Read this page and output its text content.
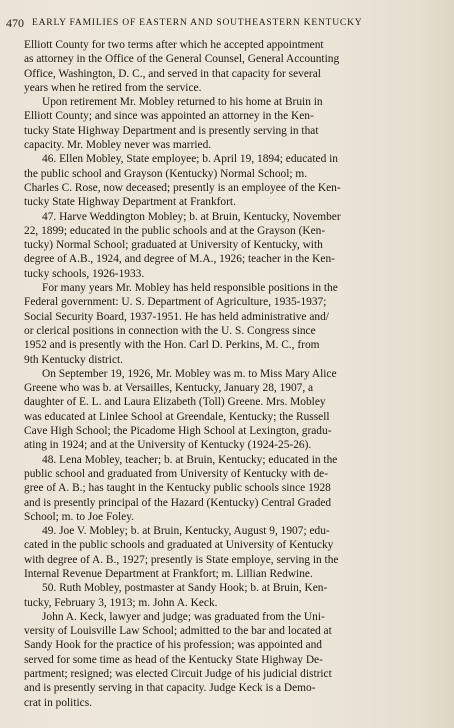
470 EARLY FAMILIES OF EASTERN AND SOUTHEASTERN KENTUCKY
Elliott County for two terms after which he accepted appointment
as attorney in the Office of the General Counsel, General Accounting
Office, Washington, D. C., and served in that capacity for several
years when he retired from the service.
Upon retirement Mr. Mobley returned to his home at Bruin in
Elliott County; and since was appointed an attorney in the Ken-
tucky State Highway Department and is presently serving in that
capacity. Mr. Mobley never was married.
46. Ellen Mobley, State employee; b. April 19, 1894; educated in
the public school and Grayson (Kentucky) Normal School; m.
Charles C. Rose, now deceased; presently is an employee of the Ken-
tucky State Highway Department at Frankfort.
47. Harve Weddington Mobley; b. at Bruin, Kentucky, November
22, 1899; educated in the public schools and at the Grayson (Ken-
tucky) Normal School; graduated at University of Kentucky, with
degree of A.B., 1924, and degree of M.A., 1926; teacher in the Ken-
tucky schools, 1926-1933.
For many years Mr. Mobley has held responsible positions in the
Federal government: U. S. Department of Agriculture, 1935-1937;
Social Security Board, 1937-1951. He has held administrative and/
or clerical positions in connection with the U. S. Congress since
1952 and is presently with the Hon. Carl D. Perkins, M. C., from
9th Kentucky district.
On September 19, 1926, Mr. Mobley was m. to Miss Mary Alice
Greene who was b. at Versailles, Kentucky, January 28, 1907, a
daughter of E. L. and Laura Elizabeth (Toll) Greene. Mrs. Mobley
was educated at Linlee School at Greendale, Kentucky; the Russell
Cave High School; the Picadome High School at Lexington, gradu-
ating in 1924; and at the University of Kentucky (1924-25-26).
48. Lena Mobley, teacher; b. at Bruin, Kentucky; educated in the
public school and graduated from University of Kentucky with de-
gree of A. B.; has taught in the Kentucky public schools since 1928
and is presently principal of the Hazard (Kentucky) Central Graded
School; m. to Joe Foley.
49. Joe V. Mobley; b. at Bruin, Kentucky, August 9, 1907; edu-
cated in the public schools and graduated at University of Kentucky
with degree of A. B., 1927; presently is State employe, serving in the
Internal Revenue Department at Frankfort; m. Lillian Redwine.
50. Ruth Mobley, postmaster at Sandy Hook; b. at Bruin, Ken-
tucky, February 3, 1913; m. John A. Keck.
John A. Keck, lawyer and judge; was graduated from the Uni-
versity of Louisville Law School; admitted to the bar and located at
Sandy Hook for the practice of his profession; was appointed and
served for some time as head of the Kentucky State Highway De-
partment; resigned; was elected Circuit Judge of his judicial district
and is presently serving in that capacity. Judge Keck is a Demo-
crat in politics.
